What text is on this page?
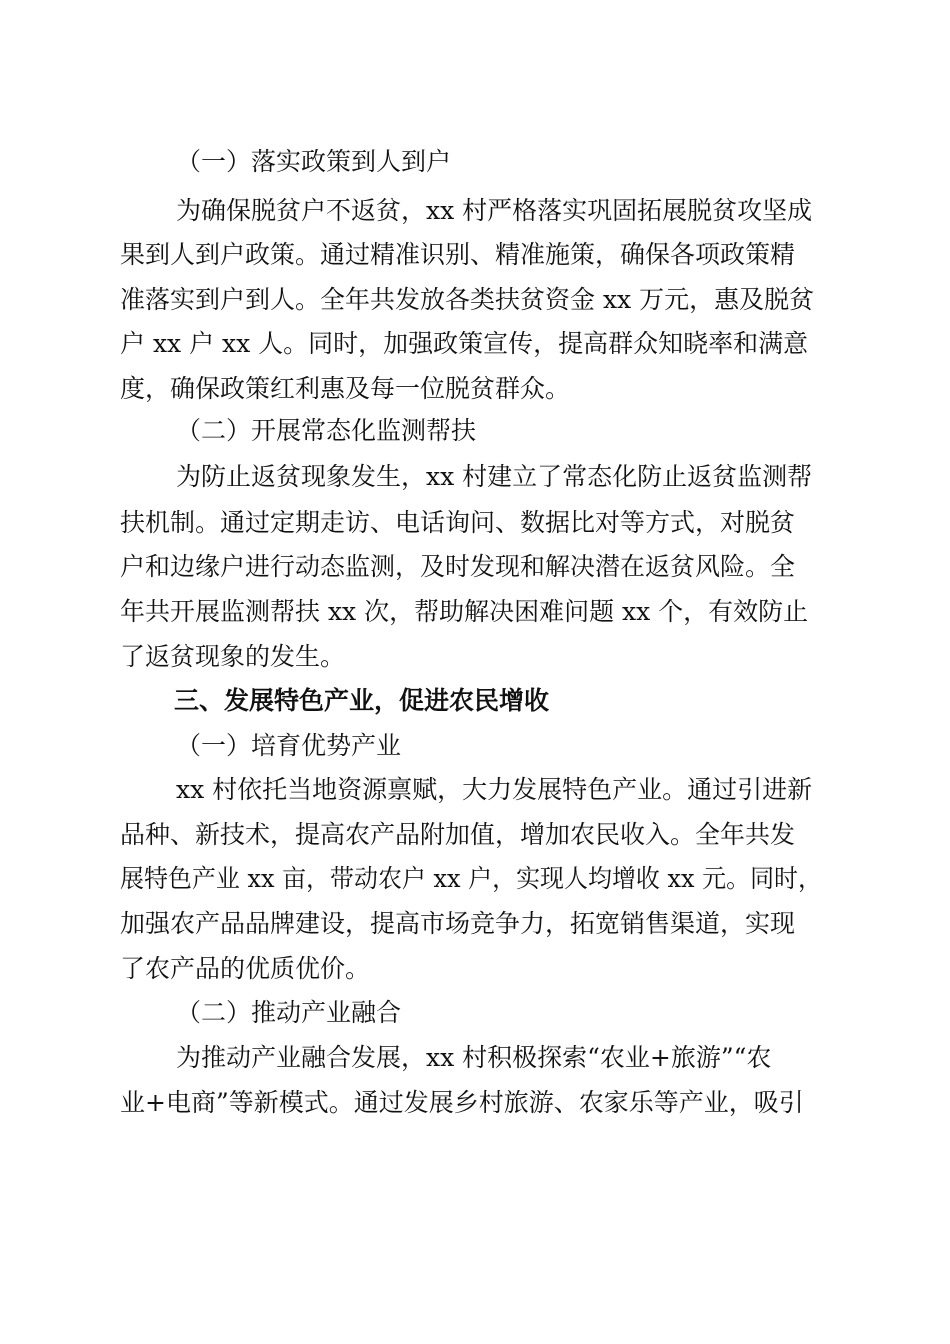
（一）落实政策到人到户
为确保脱贫户不返贫，xx 村严格落实巩固拓展脱贫攻坚成
果到人到户政策。通过精准识别、精准施策，确保各项政策精
准落实到户到人。全年共发放各类扶贫资金 xx 万元，惠及脱贫
户 xx 户 xx 人。同时，加强政策宣传，提高群众知晓率和满意
度，确保政策红利惠及每一位脱贫群众。
（二）开展常态化监测帮扶
为防止返贫现象发生，xx 村建立了常态化防止返贫监测帮
扶机制。通过定期走访、电话询问、数据比对等方式，对脱贫
户和边缘户进行动态监测，及时发现和解决潜在返贫风险。全
年共开展监测帮扶 xx 次，帮助解决困难问题 xx 个，有效防止
了返贫现象的发生。
三、发展特色产业，促进农民增收
（一）培育优势产业
xx 村依托当地资源禀赋，大力发展特色产业。通过引进新
品种、新技术，提高农产品附加值，增加农民收入。全年共发
展特色产业 xx 亩，带动农户 xx 户，实现人均增收 xx 元。同时，
加强农产品品牌建设，提高市场竞争力，拓宽销售渠道，实现
了农产品的优质优价。
（二）推动产业融合
为推动产业融合发展，xx 村积极探索“农业+旅游”“农
业+电商”等新模式。通过发展乡村旅游、农家乐等产业，吸引
